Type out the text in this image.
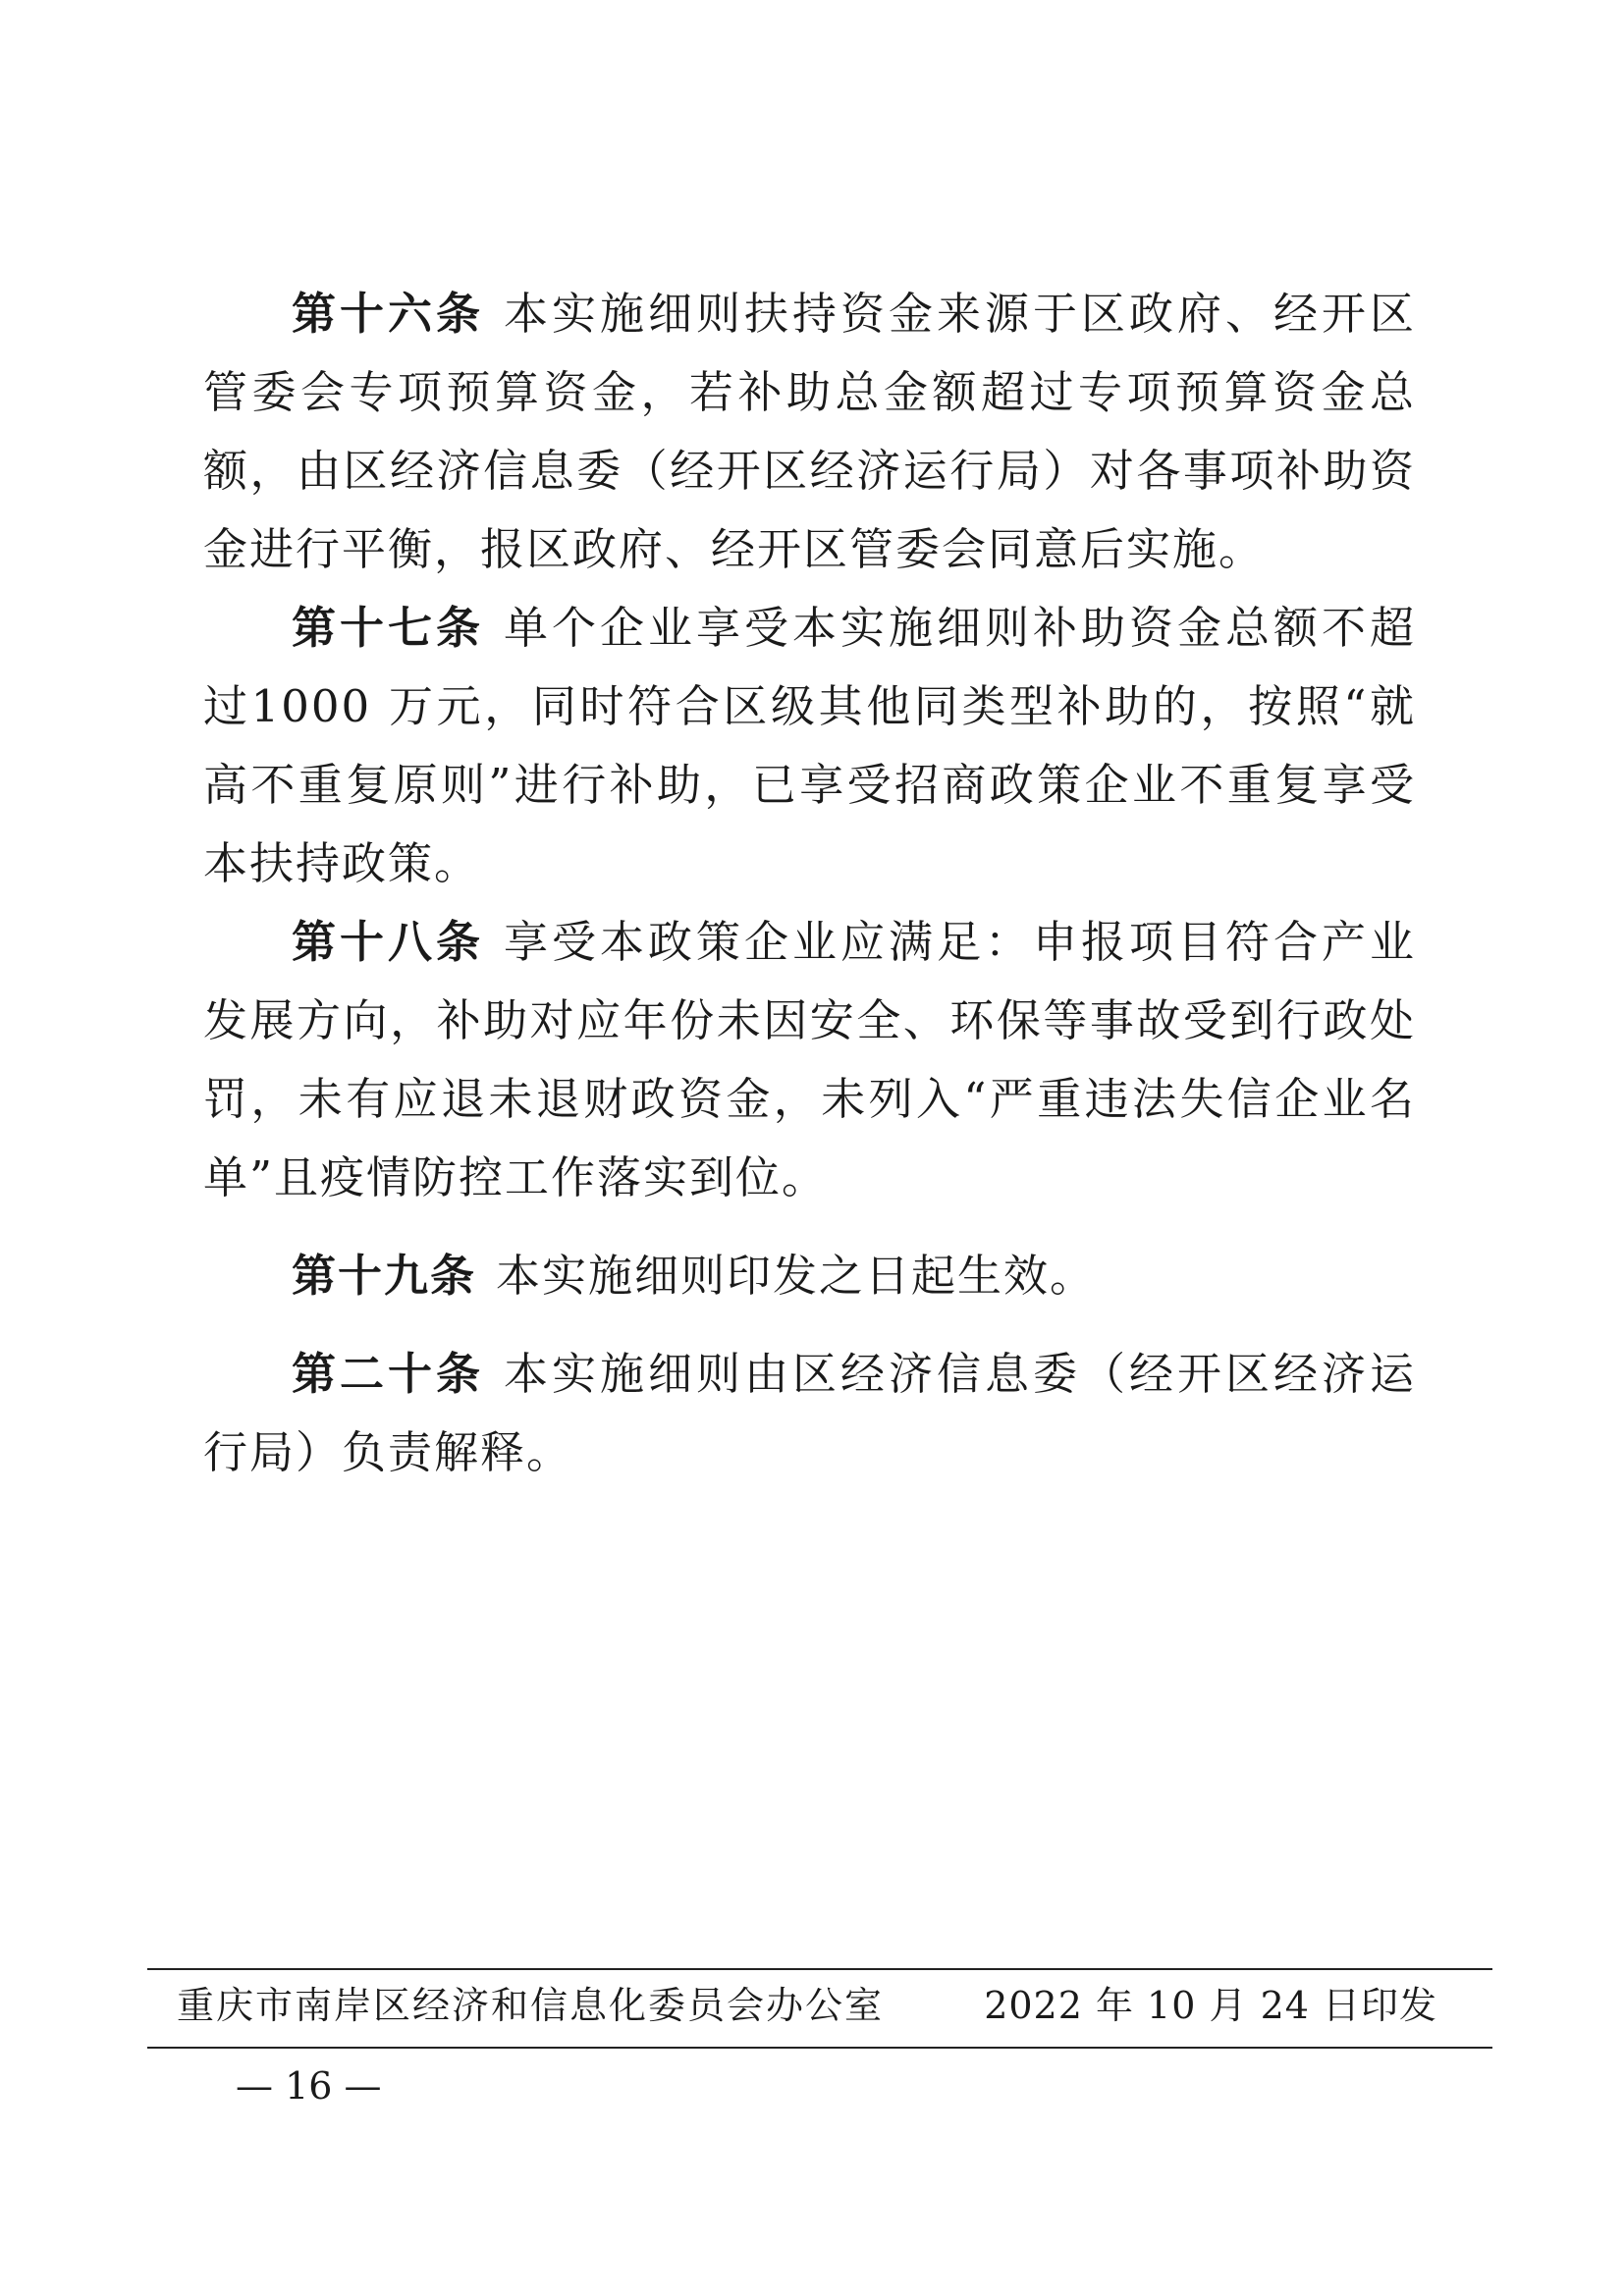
第十六条 本实施细则扶持资金来源于区政府、经开区管委会专项预算资金，若补助总金额超过专项预算资金总额，由区经济信息委（经开区经济运行局）对各事项补助资金进行平衡，报区政府、经开区管委会同意后实施。

第十七条 单个企业享受本实施细则补助资金总额不超过1000 万元，同时符合区级其他同类型补助的，按照“就高不重复原则”进行补助，已享受招商政策企业不重复享受本扶持政策。

第十八条 享受本政策企业应满足：申报项目符合产业发展方向，补助对应年份未因安全、环保等事故受到行政处罚，未有应退未退财政资金，未列入“严重违法失信企业名单”且疫情防控工作落实到位。

第十九条 本实施细则印发之日起生效。

第二十条 本实施细则由区经济信息委（经开区经济运行局）负责解释。

重庆市南岸区经济和信息化委员会办公室	2022 年 10 月 24 日印发
— 16 —
